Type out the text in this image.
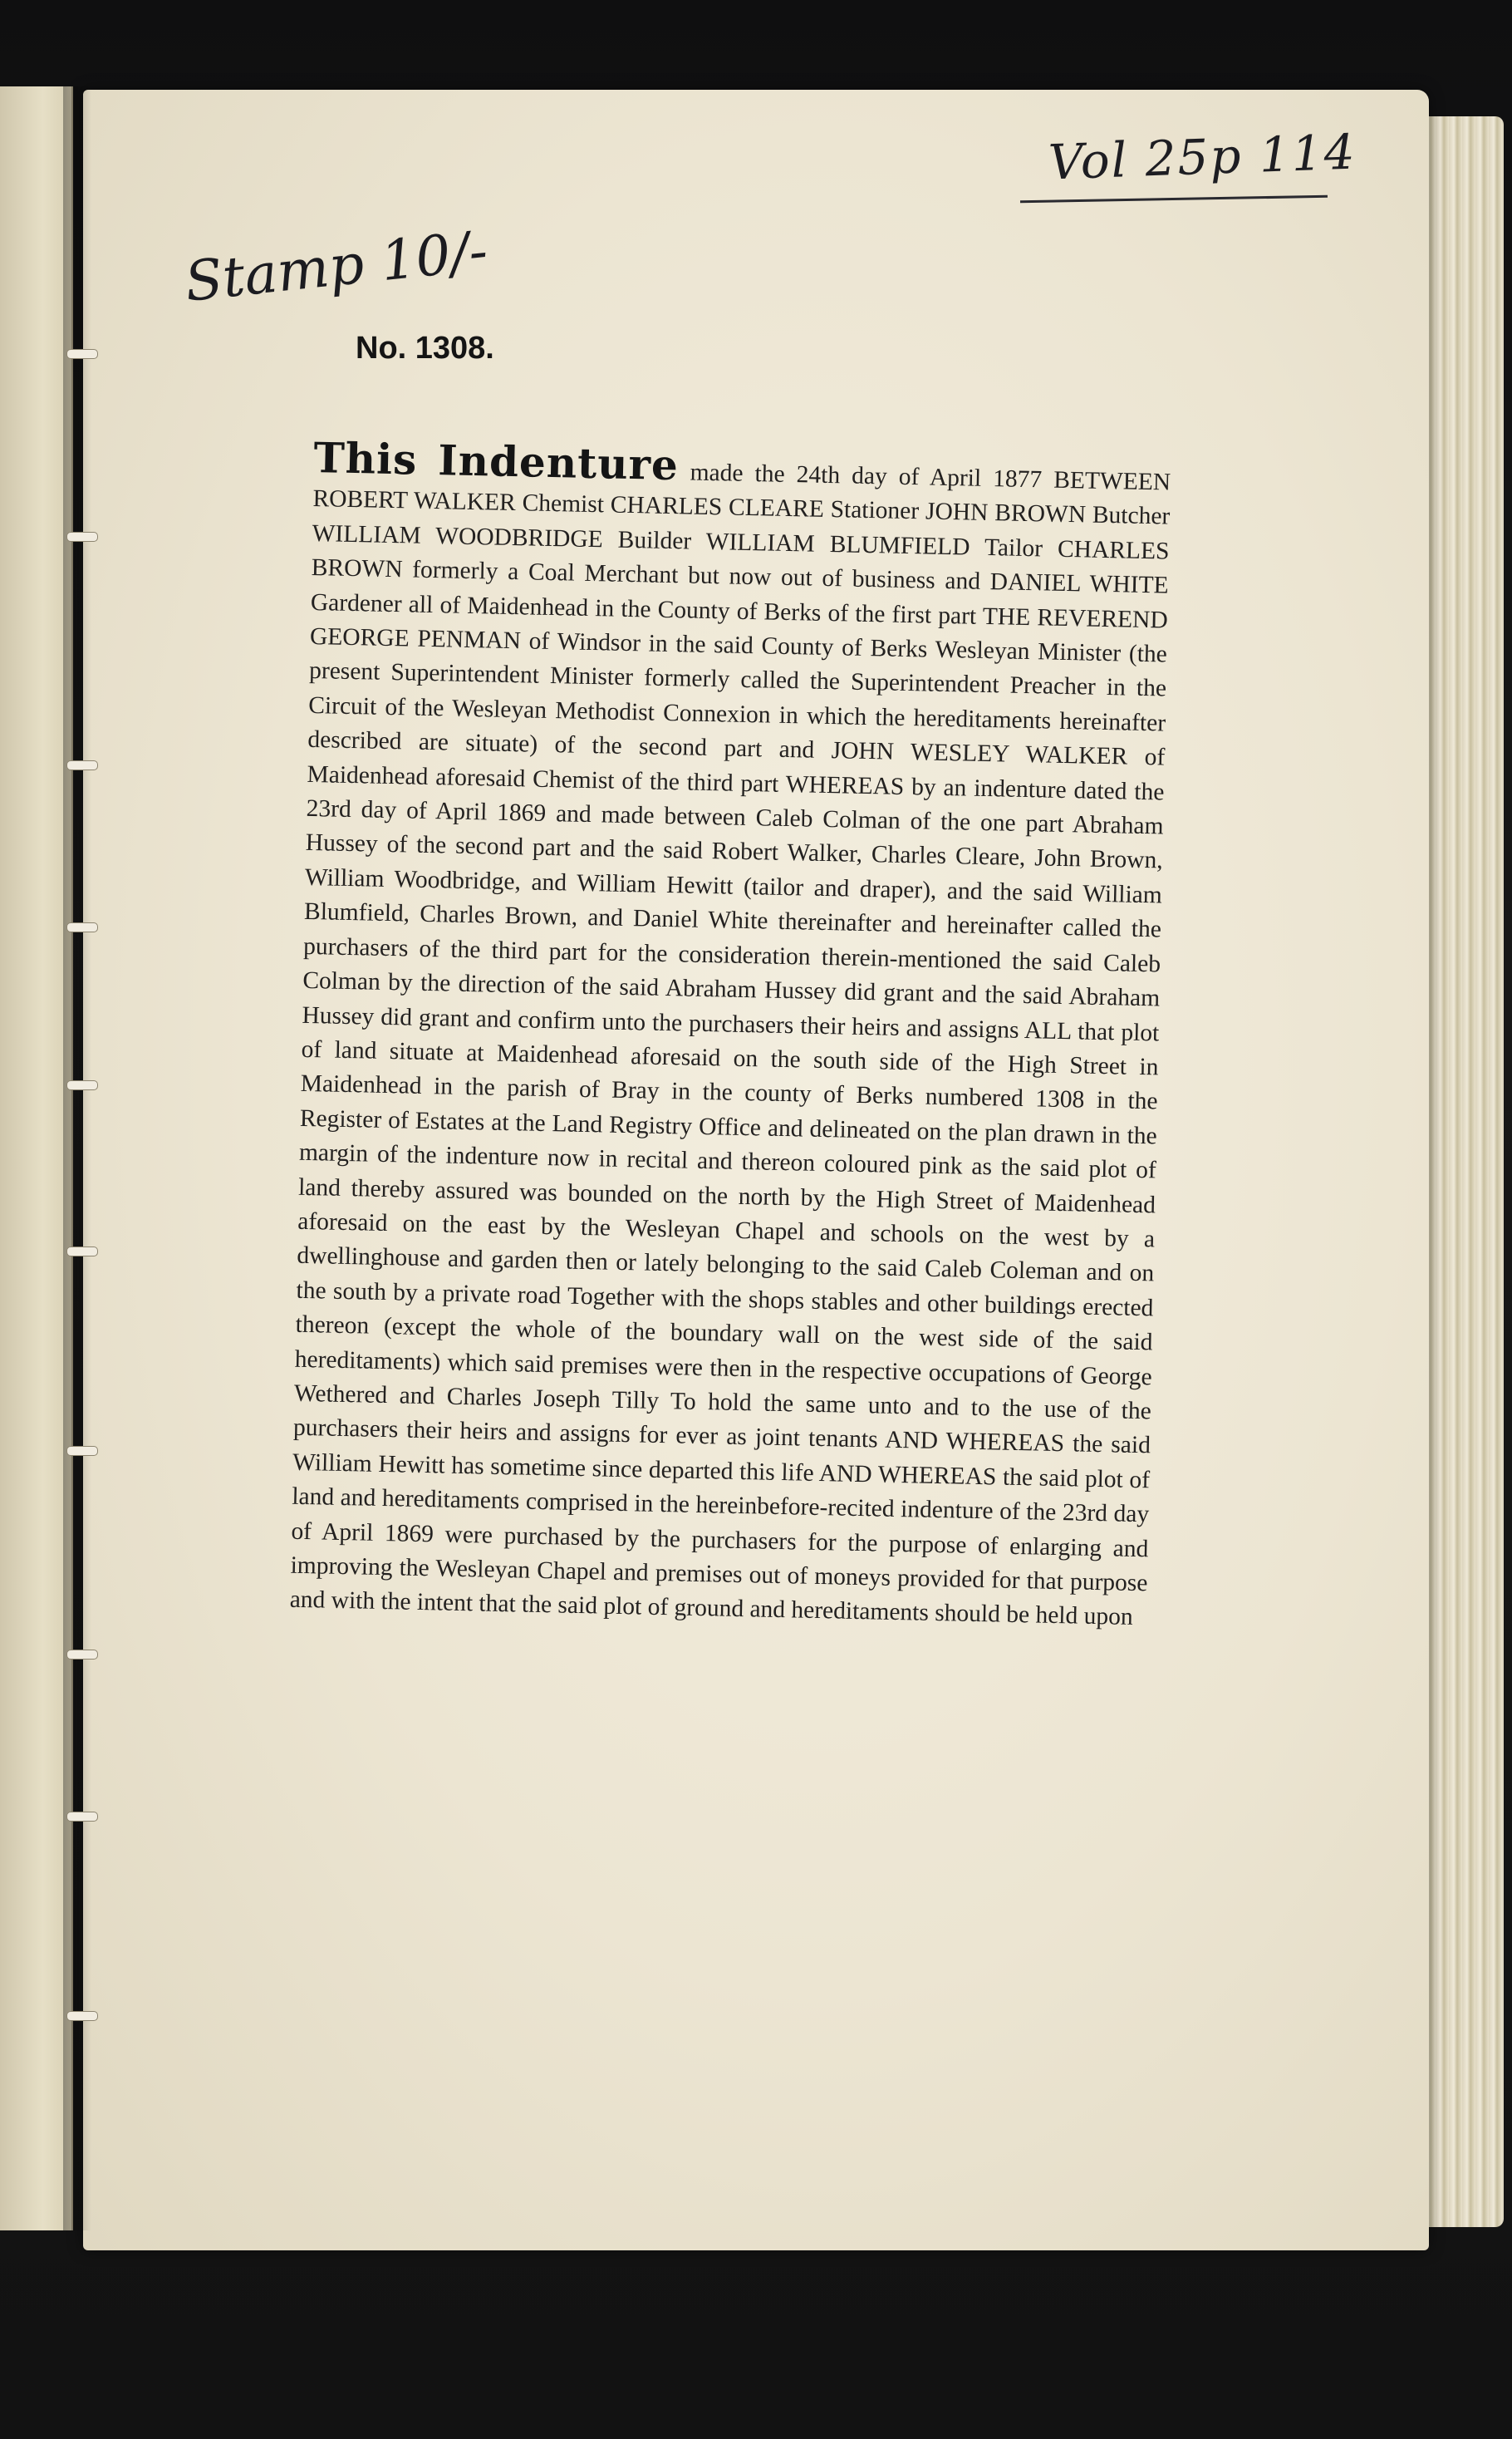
Vol 25p 114
Stamp 10/-
No. 1308.
This Indenture made the 24th day of April 1877 BETWEEN ROBERT WALKER Chemist CHARLES CLEARE Stationer JOHN BROWN Butcher WILLIAM WOODBRIDGE Builder WILLIAM BLUMFIELD Tailor CHARLES BROWN formerly a Coal Merchant but now out of business and DANIEL WHITE Gardener all of Maidenhead in the County of Berks of the first part THE REVEREND GEORGE PENMAN of Windsor in the said County of Berks Wesleyan Minister (the present Superintendent Minister formerly called the Superintendent Preacher in the Circuit of the Wesleyan Methodist Connexion in which the hereditaments hereinafter described are situate) of the second part and JOHN WESLEY WALKER of Maidenhead aforesaid Chemist of the third part WHEREAS by an indenture dated the 23rd day of April 1869 and made between Caleb Colman of the one part Abraham Hussey of the second part and the said Robert Walker, Charles Cleare, John Brown, William Woodbridge, and William Hewitt (tailor and draper), and the said William Blumfield, Charles Brown, and Daniel White thereinafter and hereinafter called the purchasers of the third part for the consideration therein-mentioned the said Caleb Colman by the direction of the said Abraham Hussey did grant and the said Abraham Hussey did grant and confirm unto the purchasers their heirs and assigns ALL that plot of land situate at Maidenhead aforesaid on the south side of the High Street in Maidenhead in the parish of Bray in the county of Berks numbered 1308 in the Register of Estates at the Land Registry Office and delineated on the plan drawn in the margin of the indenture now in recital and thereon coloured pink as the said plot of land thereby assured was bounded on the north by the High Street of Maidenhead aforesaid on the east by the Wesleyan Chapel and schools on the west by a dwellinghouse and garden then or lately belonging to the said Caleb Coleman and on the south by a private road Together with the shops stables and other buildings erected thereon (except the whole of the boundary wall on the west side of the said hereditaments) which said premises were then in the respective occupations of George Wethered and Charles Joseph Tilly To hold the same unto and to the use of the purchasers their heirs and assigns for ever as joint tenants AND WHEREAS the said William Hewitt has sometime since departed this life AND WHEREAS the said plot of land and hereditaments comprised in the hereinbefore-recited indenture of the 23rd day of April 1869 were purchased by the purchasers for the purpose of enlarging and improving the Wesleyan Chapel and premises out of moneys provided for that purpose and with the intent that the said plot of ground and hereditaments should be held upon
